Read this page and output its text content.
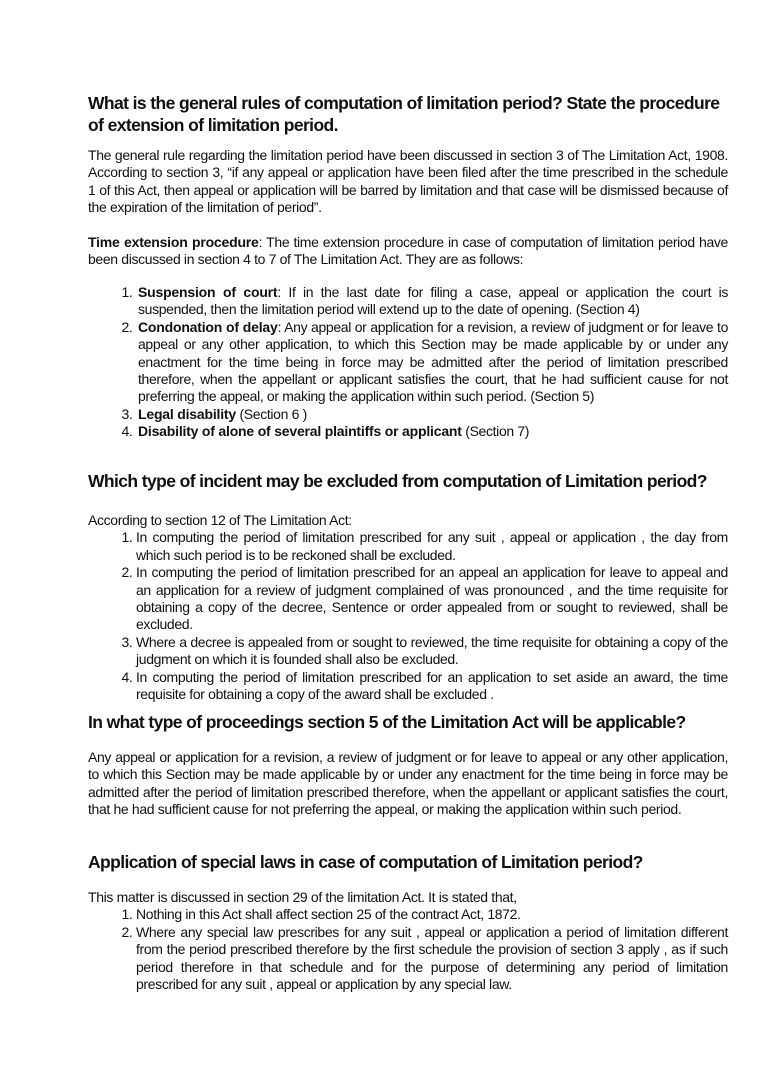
What is the general rules of computation of limitation period? State the procedure of extension of limitation period.

The general rule regarding the limitation period have been discussed in section 3 of The Limitation Act, 1908. According to section 3, “if any appeal or application have been filed after the time prescribed in the schedule 1 of this Act, then appeal or application will be barred by limitation and that case will be dismissed because of the expiration of the limitation of period”.

Time extension procedure: The time extension procedure in case of computation of limitation period have been discussed in section 4 to 7 of The Limitation Act. They are as follows:

1. Suspension of court: If in the last date for filing a case, appeal or application the court is suspended, then the limitation period will extend up to the date of opening. (Section 4)
2. Condonation of delay: Any appeal or application for a revision, a review of judgment or for leave to appeal or any other application, to which this Section may be made applicable by or under any enactment for the time being in force may be admitted after the period of limitation prescribed therefore, when the appellant or applicant satisfies the court, that he had sufficient cause for not preferring the appeal, or making the application within such period. (Section 5)
3. Legal disability (Section 6 )
4. Disability of alone of several plaintiffs or applicant (Section 7)
Which type of incident may be excluded from computation of Limitation period?
According to section 12 of The Limitation Act:
1. In computing the period of limitation prescribed for any suit , appeal or application , the day from which such period is to be reckoned shall be excluded.
2. In computing the period of limitation prescribed for an appeal an application for leave to appeal and an application for a review of judgment complained of was pronounced , and the time requisite for obtaining a copy of the decree, Sentence or order appealed from or sought to reviewed, shall be excluded.
3. Where a decree is appealed from or sought to reviewed, the time requisite for obtaining a copy of the judgment on which it is founded shall also be excluded.
4. In computing the period of limitation prescribed for an application to set aside an award, the time requisite for obtaining a copy of the award shall be excluded .
In what type of proceedings section 5 of the Limitation Act will be applicable?

Any appeal or application for a revision, a review of judgment or for leave to appeal or any other application, to which this Section may be made applicable by or under any enactment for the time being in force may be admitted after the period of limitation prescribed therefore, when the appellant or applicant satisfies the court, that he had sufficient cause for not preferring the appeal, or making the application within such period.

Application of special laws in case of computation of Limitation period?
This matter is discussed in section 29 of the limitation Act. It is stated that,
1. Nothing in this Act shall affect section 25 of the contract Act, 1872.
2. Where any special law prescribes for any suit , appeal or application a period of limitation different from the period prescribed therefore by the first schedule the provision of section 3 apply , as if such period therefore in that schedule and for the purpose of determining any period of limitation prescribed for any suit , appeal or application by any special law.
